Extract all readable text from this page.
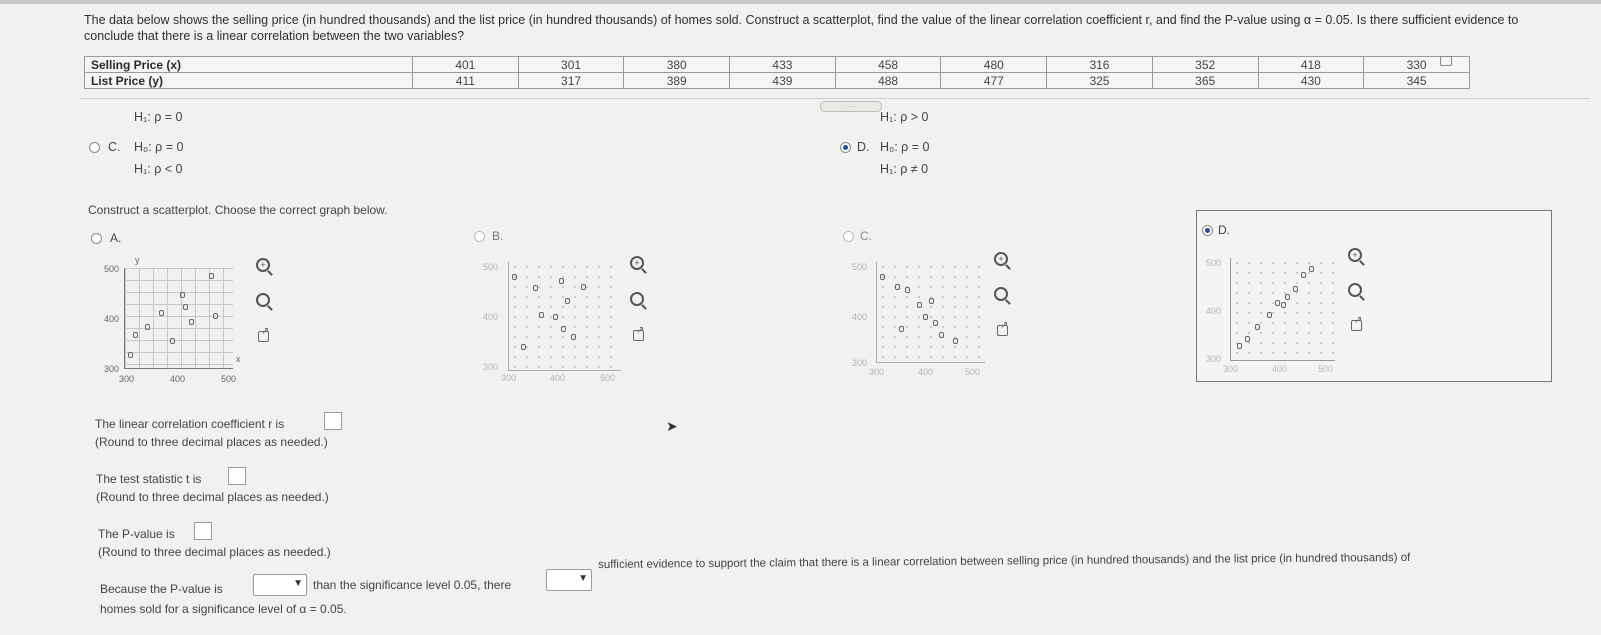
The data below shows the selling price (in hundred thousands) and the list price (in hundred thousands) of homes sold. Construct a scatterplot, find the value of the linear correlation coefficient r, and find the P-value using α = 0.05. Is there sufficient evidence to conclude that there is a linear correlation between the two variables?
Selling Price (x)	401	301	380	433	458	480	316	352	418	330
List Price (y)	411	317	389	439	488	477	325	365	430	345
·····
H₁: ρ = 0	H₁: ρ > 0
C. H₀: ρ = 0
H₁: ρ < 0
D. H₀: ρ = 0
H₁: ρ ≠ 0
Construct a scatterplot. Choose the correct graph below.
A.
500
400
300
300	400	500
y
x
+
↗
B.
500
400
300
300	400	500
+
↗
C.
500
400
300
300	400	500
+
↗
D.
500
400
300
300	400	500
+
↗
The linear correlation coefficient r is
(Round to three decimal places as needed.)
The test statistic t is
(Round to three decimal places as needed.)
The P-value is
(Round to three decimal places as needed.)
Because the P-value is	▼ than the significance level 0.05, there	▼
sufficient evidence to support the claim that there is a linear correlation between selling price (in hundred thousands) and the list price (in hundred thousands) of
homes sold for a significance level of α = 0.05.
➤
